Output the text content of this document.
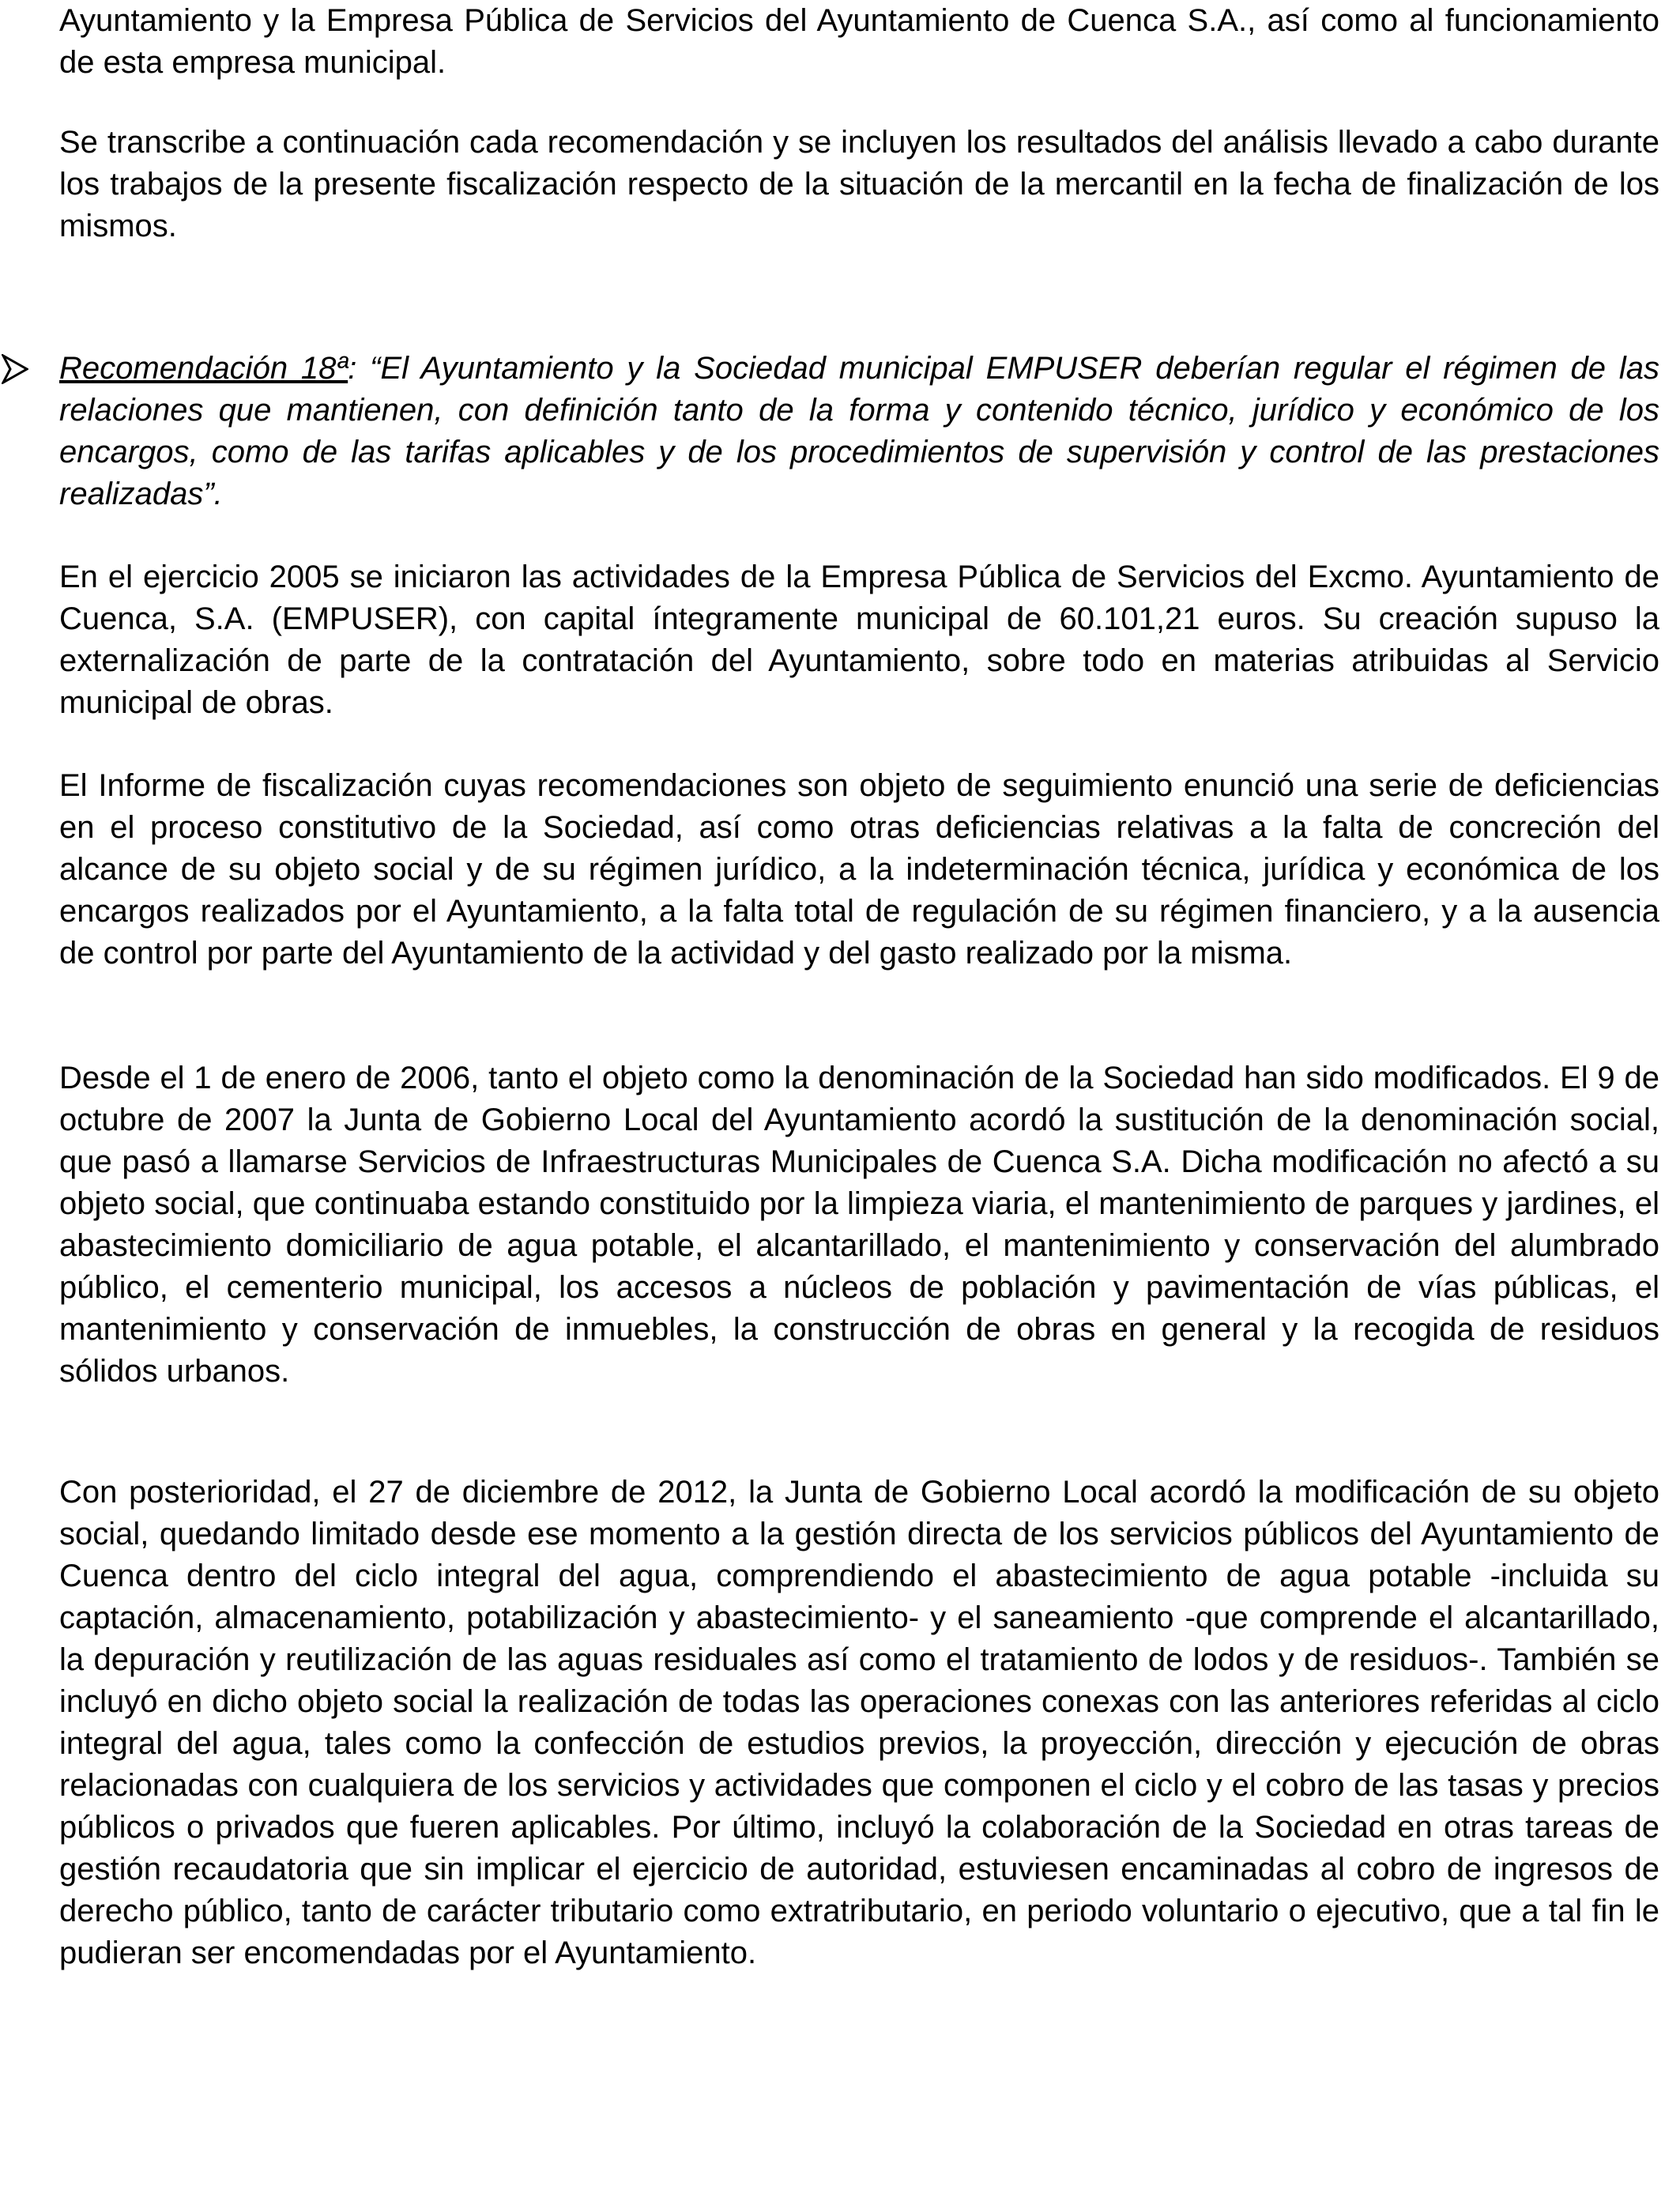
Ayuntamiento y la Empresa Pública de Servicios del Ayuntamiento de Cuenca S.A., así como al funcionamiento de esta empresa municipal.

Se transcribe a continuación cada recomendación y se incluyen los resultados del análisis llevado a cabo durante los trabajos de la presente fiscalización respecto de la situación de la mercantil en la fecha de finalización de los mismos.

Recomendación 18ª: “El Ayuntamiento y la Sociedad municipal EMPUSER deberían regular el régimen de las relaciones que mantienen, con definición tanto de la forma y contenido técnico, jurídico y económico de los encargos, como de las tarifas aplicables y de los procedimientos de supervisión y control de las prestaciones realizadas”.

En el ejercicio 2005 se iniciaron las actividades de la Empresa Pública de Servicios del Excmo. Ayuntamiento de Cuenca, S.A. (EMPUSER), con capital íntegramente municipal de 60.101,21 euros. Su creación supuso la externalización de parte de la contratación del Ayuntamiento, sobre todo en materias atribuidas al Servicio municipal de obras.

El Informe de fiscalización cuyas recomendaciones son objeto de seguimiento enunció una serie de deficiencias en el proceso constitutivo de la Sociedad, así como otras deficiencias relativas a la falta de concreción del alcance de su objeto social y de su régimen jurídico, a la indeterminación técnica, jurídica y económica de los encargos realizados por el Ayuntamiento, a la falta total de regulación de su régimen financiero, y a la ausencia de control por parte del Ayuntamiento de la actividad y del gasto realizado por la misma.

Desde el 1 de enero de 2006, tanto el objeto como la denominación de la Sociedad han sido modificados. El 9 de octubre de 2007 la Junta de Gobierno Local del Ayuntamiento acordó la sustitución de la denominación social, que pasó a llamarse Servicios de Infraestructuras Municipales de Cuenca S.A. Dicha modificación no afectó a su objeto social, que continuaba estando constituido por la limpieza viaria, el mantenimiento de parques y jardines, el abastecimiento domiciliario de agua potable, el alcantarillado, el mantenimiento y conservación del alumbrado público, el cementerio municipal, los accesos a núcleos de población y pavimentación de vías públicas, el mantenimiento y conservación de inmuebles, la construcción de obras en general y la recogida de residuos sólidos urbanos.

Con posterioridad, el 27 de diciembre de 2012, la Junta de Gobierno Local acordó la modificación de su objeto social, quedando limitado desde ese momento a la gestión directa de los servicios públicos del Ayuntamiento de Cuenca dentro del ciclo integral del agua, comprendiendo el abastecimiento de agua potable -incluida su captación, almacenamiento, potabilización y abastecimiento- y el saneamiento -que comprende el alcantarillado, la depuración y reutilización de las aguas residuales así como el tratamiento de lodos y de residuos-. También se incluyó en dicho objeto social la realización de todas las operaciones conexas con las anteriores referidas al ciclo integral del agua, tales como la confección de estudios previos, la proyección, dirección y ejecución de obras relacionadas con cualquiera de los servicios y actividades que componen el ciclo y el cobro de las tasas y precios públicos o privados que fueren aplicables. Por último, incluyó la colaboración de la Sociedad en otras tareas de gestión recaudatoria que sin implicar el ejercicio de autoridad, estuviesen encaminadas al cobro de ingresos de derecho público, tanto de carácter tributario como extratributario, en periodo voluntario o ejecutivo, que a tal fin le pudieran ser encomendadas por el Ayuntamiento.
